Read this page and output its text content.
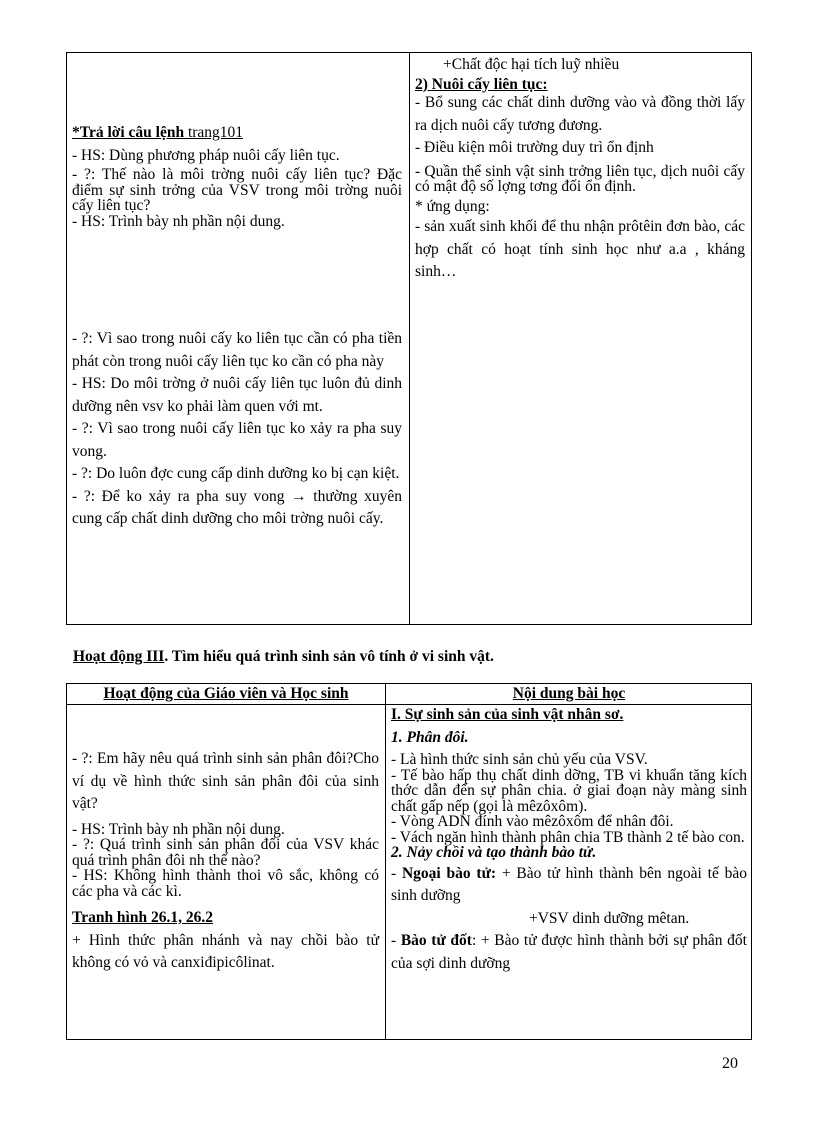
*Trả lời câu lệnh trang101

- HS: Dùng phương pháp nuôi cấy liên tục.

- ?: Thế nào là môi trờng nuôi cấy liên tục? Đặc điểm sự sinh trởng của VSV trong môi trờng nuôi cấy liên tục?

- HS: Trình bày nh phần nội dung.

- ?: Vì sao trong nuôi cấy ko liên tục cần có pha tiền phát còn trong nuôi cấy liên tục ko cần có pha này

- HS: Do môi trờng ở nuôi cấy liên tục luôn đủ dinh dưỡng nên vsv ko phải làm quen với mt.

- ?: Vì sao trong nuôi cấy liên tục ko xảy ra pha suy vong.

- ?: Do luôn đợc cung cấp dinh dưỡng ko bị cạn kiệt.

- ?: Để ko xảy ra pha suy vong → thường xuyên cung cấp chất dinh dưỡng cho môi trờng nuôi cấy.

+Chất độc hại tích luỹ nhiều

2) Nuôi cấy liên tục:

- Bổ sung các chất dinh dưỡng vào và đồng thời lấy ra dịch nuôi cấy tương đương.

- Điều kiện môi trường duy trì ổn định

- Quần thể sinh vật sinh trởng liên tục, dịch nuôi cấy có mật độ số lợng tơng đối ổn định.

* ứng dụng:

- sản xuất sinh khối để thu nhận prôtêin đơn bào, các hợp chất có hoạt tính sinh học như a.a , kháng sinh…

Hoạt động III. Tìm hiểu quá trình sinh sản vô tính ở vi sinh vật.
Hoạt động của Giáo viên và Học sinh	Nội dung bài học

- ?: Em hãy nêu quá trình sinh sản phân đôi?Cho ví dụ về hình thức sinh sản phân đôi của sinh vật?

- HS: Trình bày nh phần nội dung.

- ?: Quá trình sinh sản phân đối của VSV khác quá trình phân đôi nh thế nào?

- HS: Không hình thành thoi vô sắc, không có các pha và các kì.

Tranh hình 26.1, 26.2

+ Hình thức phân nhánh và nay chồi bào tử không có vỏ và canxiđipicôlinat.

I. Sự sinh sản của sinh vật nhân sơ.

1. Phân đôi.

- Là hình thức sinh sản chủ yếu của VSV.

- Tế bào hấp thụ chất dinh dỡng, TB vi khuẩn tăng kích thớc dẫn đến sự phân chia. ở giai đoạn này màng sinh chất gấp nếp (gọi là mêzôxôm).

- Vòng ADN đính vào mêzôxôm để nhân đôi.

- Vách ngăn hình thành phân chia TB thành 2 tế bào con.

2. Nảy chồi và tạo thành bào tử.

- Ngoại bào tử: + Bào tử hình thành bên ngoài tế bào sinh dưỡng

+VSV dinh dưỡng mêtan.

- Bào tử đốt: + Bào tử được hình thành bởi sự phân đốt của sợi dinh dưỡng

20
